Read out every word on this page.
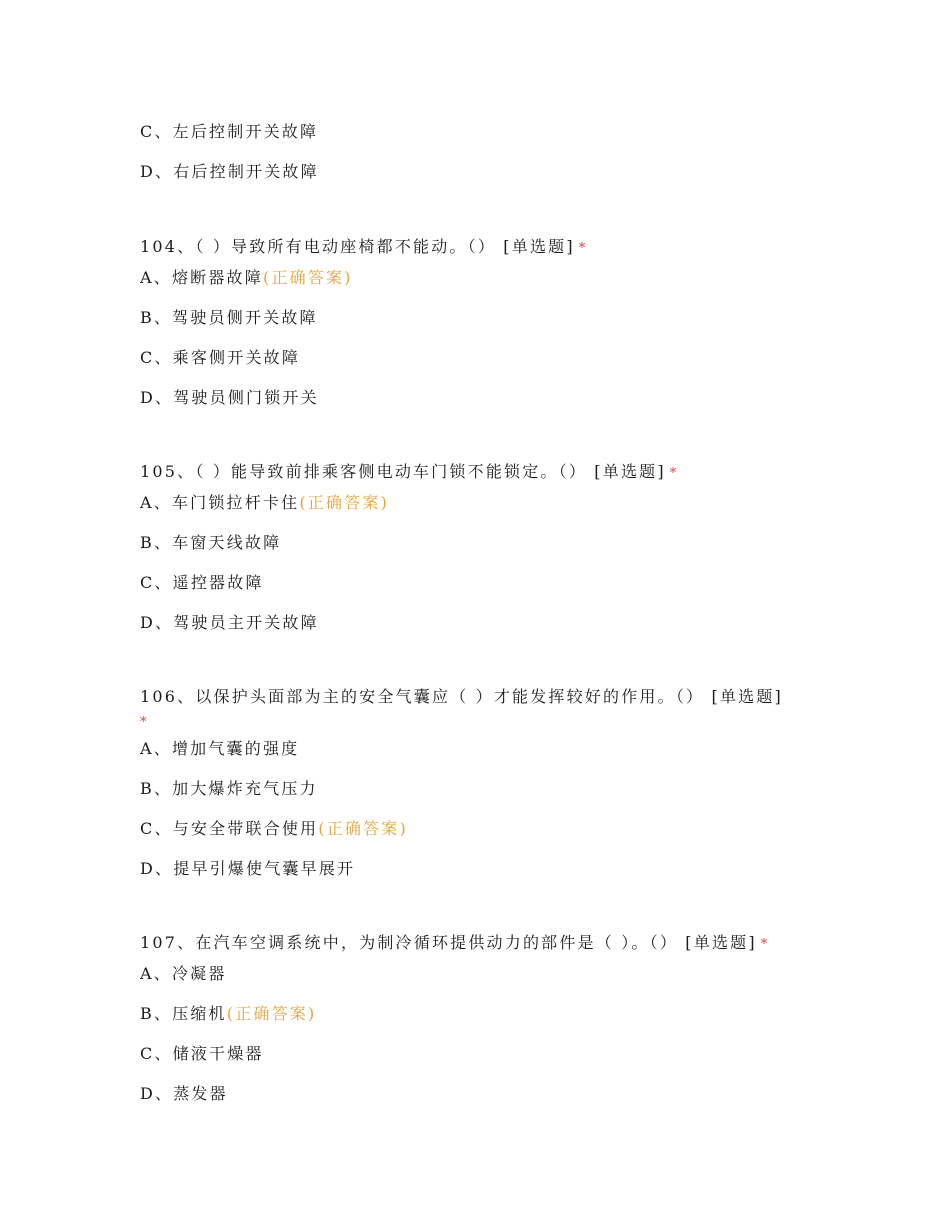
C、左后控制开关故障
D、右后控制开关故障
104、（ ）导致所有电动座椅都不能动。（） [单选题] *
A、熔断器故障(正确答案)
B、驾驶员侧开关故障
C、乘客侧开关故障
D、驾驶员侧门锁开关
105、（ ）能导致前排乘客侧电动车门锁不能锁定。（） [单选题] *
A、车门锁拉杆卡住(正确答案)
B、车窗天线故障
C、遥控器故障
D、驾驶员主开关故障
106、以保护头面部为主的安全气囊应（ ）才能发挥较好的作用。（） [单选题]
*
A、增加气囊的强度
B、加大爆炸充气压力
C、与安全带联合使用(正确答案)
D、提早引爆使气囊早展开
107、在汽车空调系统中，为制冷循环提供动力的部件是（ ）。（） [单选题] *
A、冷凝器
B、压缩机(正确答案)
C、储液干燥器
D、蒸发器
